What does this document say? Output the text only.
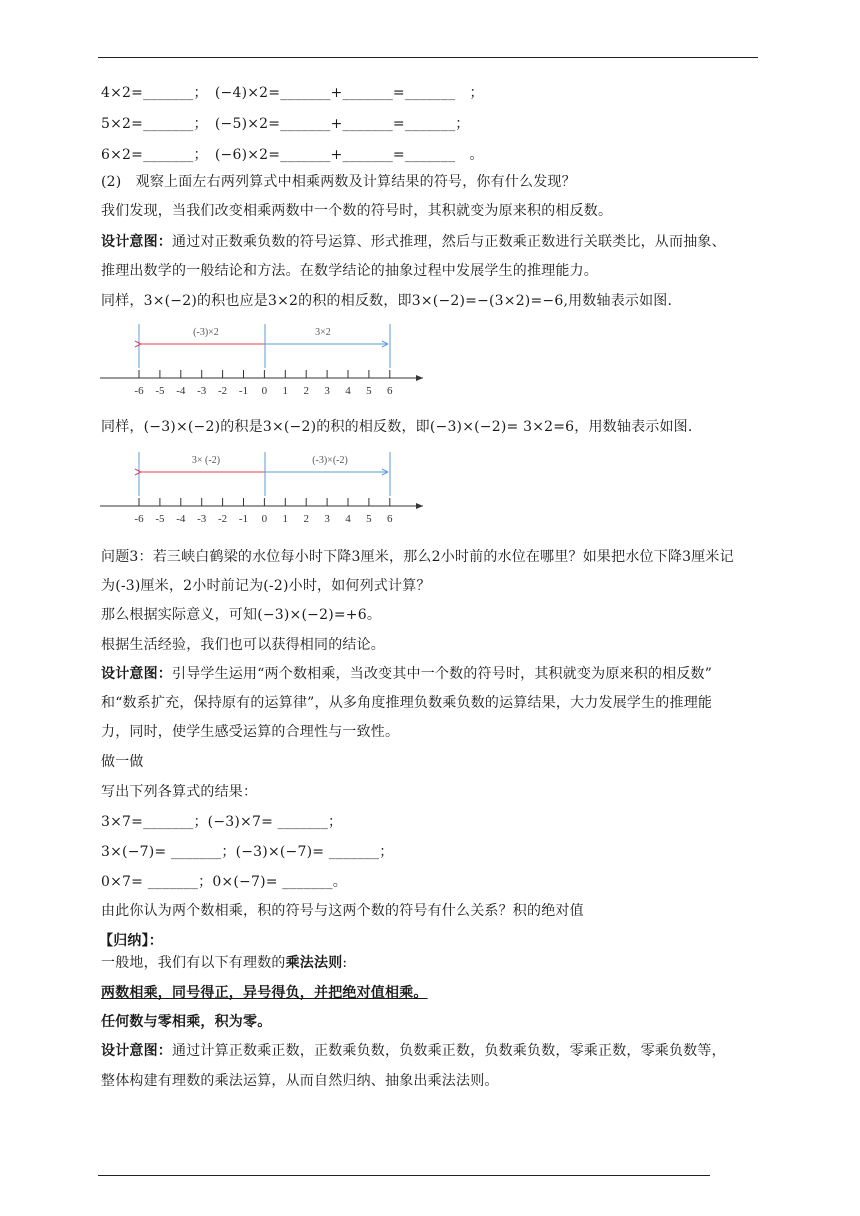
4×2=_______；　(−4)×2=_______+_______=_______　；
5×2=_______；　(−5)×2=_______+_______=_______；
6×2=_______；　(−6)×2=_______+_______=_______　。
(2)　观察上面左右两列算式中相乘两数及计算结果的符号，你有什么发现？
我们发现，当我们改变相乘两数中一个数的符号时，其积就变为原来积的相反数。
设计意图：通过对正数乘负数的符号运算、形式推理，然后与正数乘正数进行关联类比，从而抽象、
推理出数学的一般结论和方法。在数学结论的抽象过程中发展学生的推理能力。
同样，3×(−2)的积也应是3×2的积的相反数，即3×(−2)=−(3×2)=−6,用数轴表示如图.
(-3)×2	3×2
-6 -5 -4 -3 -2 -1 0 1 2 3 4 5 6
同样，(−3)×(−2)的积是3×(−2)的积的相反数，即(−3)×(−2)= 3×2=6，用数轴表示如图.
3× (-2)	(-3)×(-2)
-6 -5 -4 -3 -2 -1 0 1 2 3 4 5 6
问题3：若三峡白鹤梁的水位每小时下降3厘米，那么2小时前的水位在哪里？如果把水位下降3厘米记
为(-3)厘米，2小时前记为(-2)小时，如何列式计算？
那么根据实际意义，可知(−3)×(−2)=+6。
根据生活经验，我们也可以获得相同的结论。
设计意图：引导学生运用“两个数相乘，当改变其中一个数的符号时，其积就变为原来积的相反数”
和“数系扩充，保持原有的运算律”，从多角度推理负数乘负数的运算结果，大力发展学生的推理能
力，同时，使学生感受运算的合理性与一致性。
做一做
写出下列各算式的结果：
3×7=_______；(−3)×7= _______；
3×(−7)= _______；(−3)×(−7)= _______；
0×7= _______；0×(−7)= _______。
由此你认为两个数相乘，积的符号与这两个数的符号有什么关系？积的绝对值
【归纳】：
一般地，我们有以下有理数的乘法法则:
两数相乘，同号得正，异号得负，并把绝对值相乘。
任何数与零相乘，积为零。
设计意图：通过计算正数乘正数，正数乘负数，负数乘正数，负数乘负数，零乘正数，零乘负数等，
整体构建有理数的乘法运算，从而自然归纳、抽象出乘法法则。
